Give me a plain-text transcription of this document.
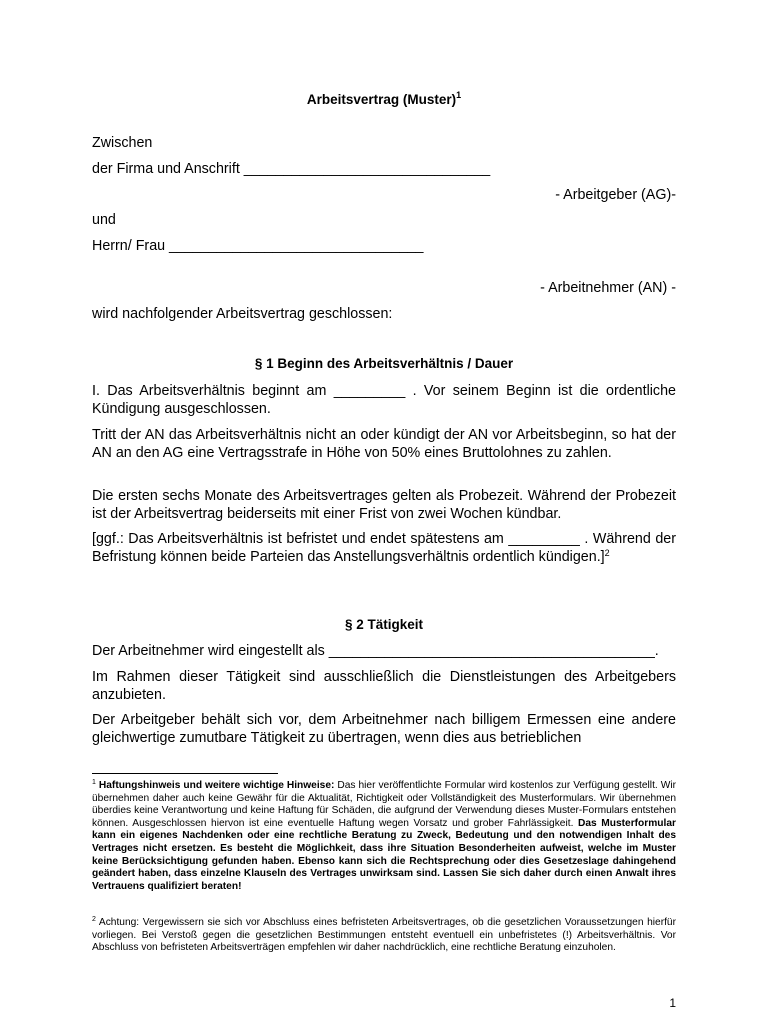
Arbeitsvertrag (Muster)$^1$
Zwischen
der Firma und Anschrift _______________________________
- Arbeitgeber (AG)-
und
Herrn/ Frau ________________________________
- Arbeitnehmer (AN) -
wird nachfolgender Arbeitsvertrag geschlossen:
§ 1 Beginn des Arbeitsverhältnis / Dauer
I. Das Arbeitsverhältnis beginnt am _________ . Vor seinem Beginn ist die ordentliche Kündigung ausgeschlossen.
Tritt der AN das Arbeitsverhältnis nicht an oder kündigt der AN vor Arbeitsbeginn, so hat der AN an den AG eine Vertragsstrafe in Höhe von 50% eines Bruttolohnes zu zahlen.
Die ersten sechs Monate des Arbeitsvertrages gelten als Probezeit. Während der Probezeit ist der Arbeitsvertrag beiderseits mit einer Frist von zwei Wochen kündbar.
[ggf.: Das Arbeitsverhältnis ist befristet und endet spätestens am _________ . Während der Befristung können beide Parteien das Anstellungsverhältnis ordentlich kündigen.]$^2$
§ 2 Tätigkeit
Der Arbeitnehmer wird eingestellt als _________________________________________.
Im Rahmen dieser Tätigkeit sind ausschließlich die Dienstleistungen des Arbeitgebers anzubieten.
Der Arbeitgeber behält sich vor, dem Arbeitnehmer nach billigem Ermessen eine andere gleichwertige zumutbare Tätigkeit zu übertragen, wenn dies aus betrieblichen
$^1$ Haftungshinweis und weitere wichtige Hinweise: Das hier veröffentlichte Formular wird kostenlos zur Verfügung gestellt. Wir übernehmen daher auch keine Gewähr für die Aktualität, Richtigkeit oder Vollständigkeit des Musterformulars. Wir übernehmen überdies keine Verantwortung und keine Haftung für Schäden, die aufgrund der Verwendung dieses Muster-Formulars entstehen können. Ausgeschlossen hiervon ist eine eventuelle Haftung wegen Vorsatz und grober Fahrlässigkeit. Das Musterformular kann ein eigenes Nachdenken oder eine rechtliche Beratung zu Zweck, Bedeutung und den notwendigen Inhalt des Vertrages nicht ersetzen. Es besteht die Möglichkeit, dass ihre Situation Besonderheiten aufweist, welche im Muster keine Berücksichtigung gefunden haben. Ebenso kann sich die Rechtsprechung oder dies Gesetzeslage dahingehend geändert haben, dass einzelne Klauseln des Vertrages unwirksam sind. Lassen Sie sich daher durch einen Anwalt ihres Vertrauens qualifiziert beraten!
$^2$ Achtung: Vergewissern sie sich vor Abschluss eines befristeten Arbeitsvertrages, ob die gesetzlichen Voraussetzungen hierfür vorliegen. Bei Verstoß gegen die gesetzlichen Bestimmungen entsteht eventuell ein unbefristetes (!) Arbeitsverhältnis. Vor Abschluss von befristeten Arbeitsverträgen empfehlen wir daher nachdrücklich, eine rechtliche Beratung einzuholen.
1
